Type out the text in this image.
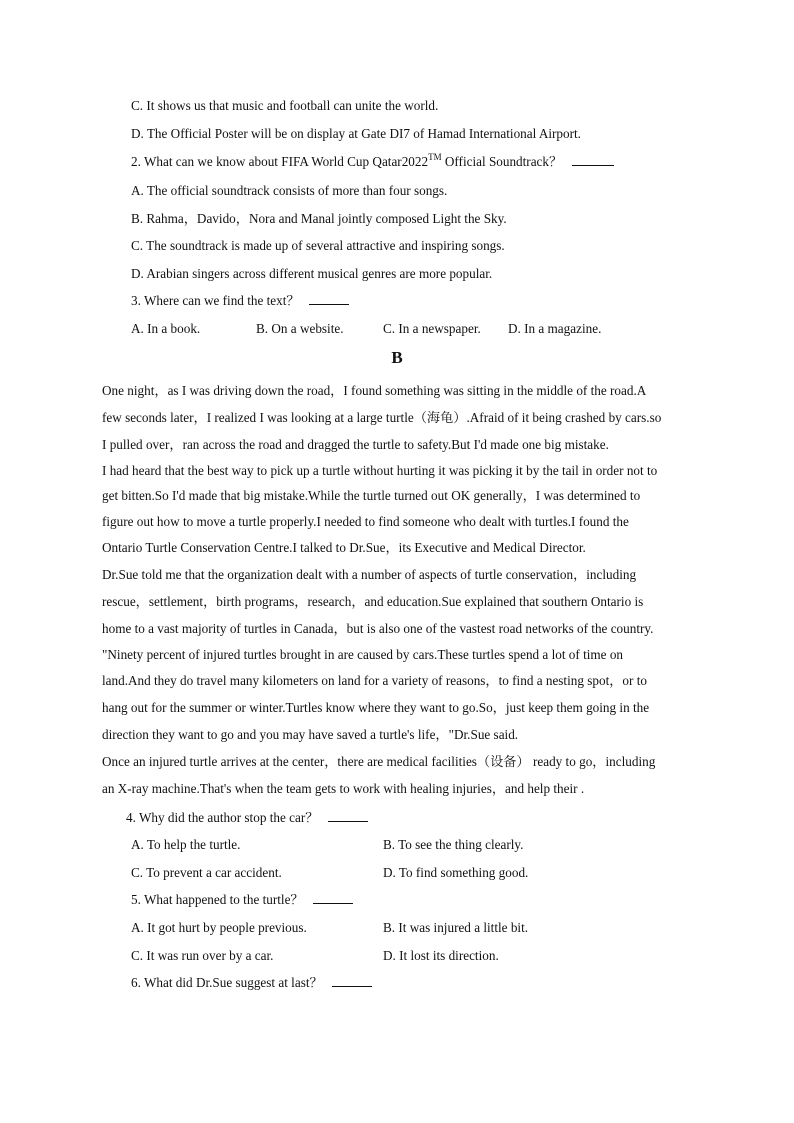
C. It shows us that music and football can unite the world.
D. The Official Poster will be on display at Gate DI7 of Hamad International Airport.
2. What can we know about FIFA World Cup Qatar2022™ Official Soundtrack？
A. The official soundtrack consists of more than four songs.
B. Rahma，Davido，Nora and Manal jointly composed Light the Sky.
C. The soundtrack is made up of several attractive and inspiring songs.
D. Arabian singers across different musical genres are more popular.
3. Where can we find the text？
A. In a book.	B. On a website.	C. In a newspaper. D. In a magazine.
B
One night，as I was driving down the road，I found something was sitting in the middle of the road.A
few seconds later，I realized I was looking at a large turtle（海龟）.Afraid of it being crashed by cars.so
I pulled over，ran across the road and dragged the turtle to safety.But I'd made one big mistake.
I had heard that the best way to pick up a turtle without hurting it was picking it by the tail in order not to
get bitten.So I'd made that big mistake.While the turtle turned out OK generally，I was determined to
figure out how to move a turtle properly.I needed to find someone who dealt with turtles.I found the
Ontario Turtle Conservation Centre.I talked to Dr.Sue，its Executive and Medical Director.
Dr.Sue told me that the organization dealt with a number of aspects of turtle conservation，including
rescue，settlement，birth programs，research，and education.Sue explained that southern Ontario is
home to a vast majority of turtles in Canada，but is also one of the vastest road networks of the country.
"Ninety percent of injured turtles brought in are caused by cars.These turtles spend a lot of time on
land.And they do travel many kilometers on land for a variety of reasons，to find a nesting spot，or to
hang out for the summer or winter.Turtles know where they want to go.So，just keep them going in the
direction they want to go and you may have saved a turtle's life，"Dr.Sue said.
Once an injured turtle arrives at the center，there are medical facilities（设备） ready to go，including
an X-ray machine.That's when the team gets to work with healing injuries，and help their .
4. Why did the author stop the car？
A. To help the turtle.	B. To see the thing clearly.
C. To prevent a car accident.	D. To find something good.
5. What happened to the turtle？
A. It got hurt by people previous.	B. It was injured a little bit.
C. It was run over by a car.	D. It lost its direction.
6. What did Dr.Sue suggest at last？
